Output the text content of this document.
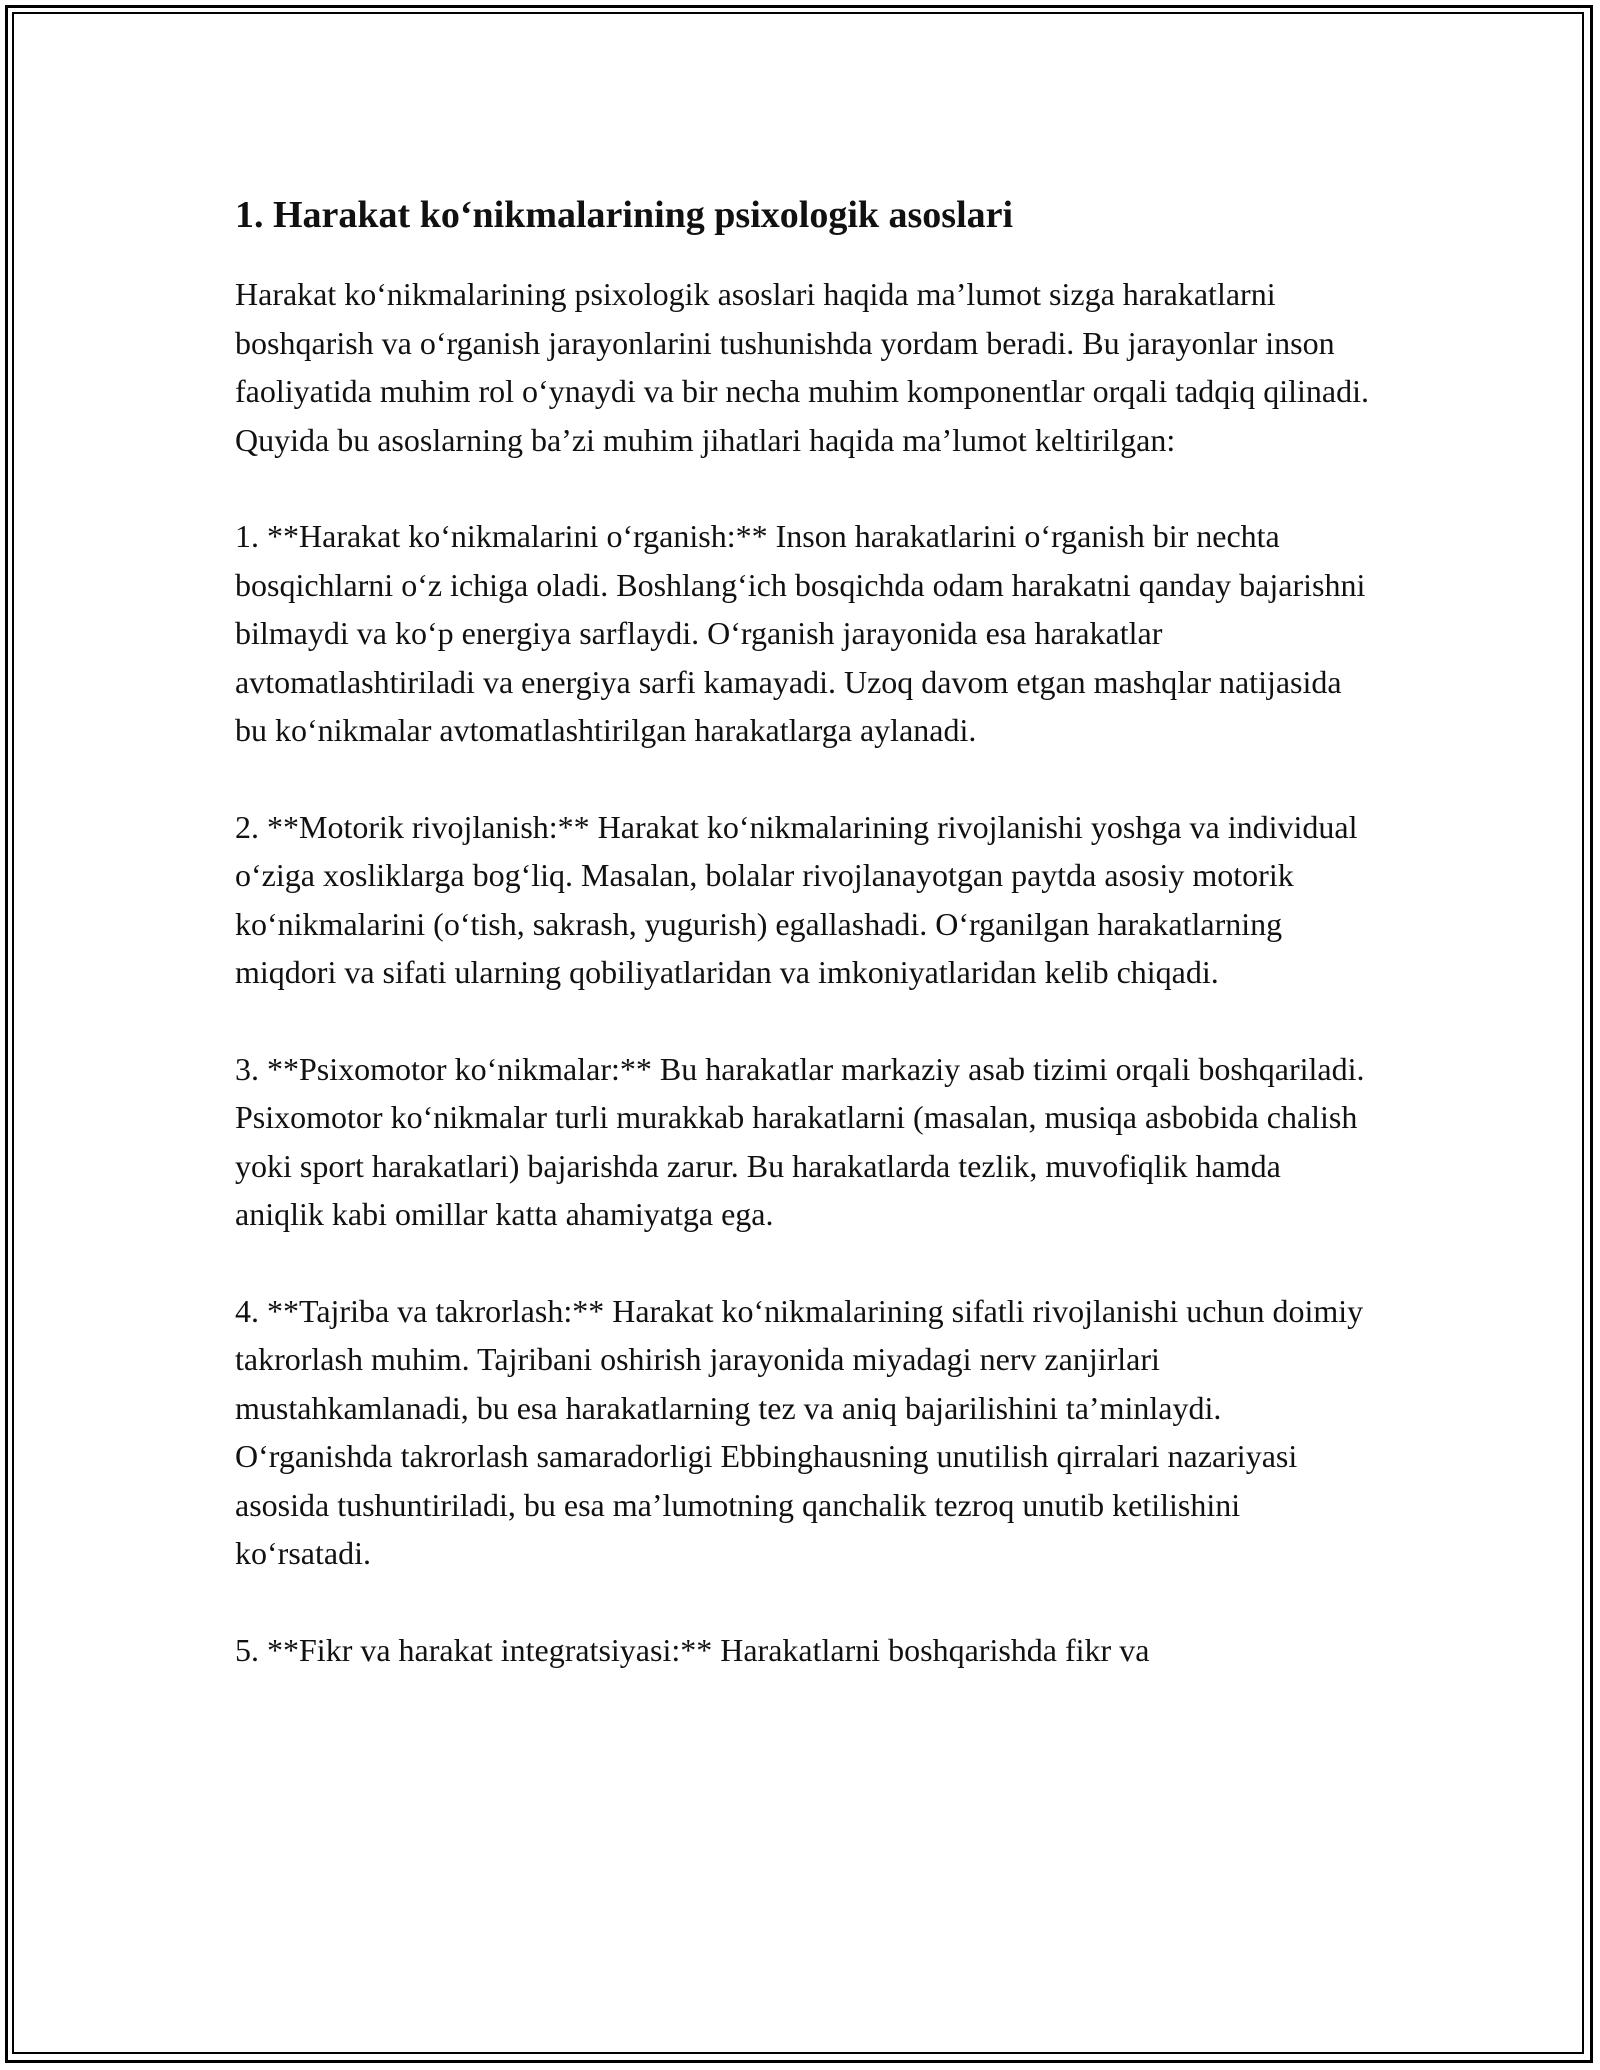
1. Harakat ko‘nikmalarining psixologik asoslari

Harakat ko‘nikmalarining psixologik asoslari haqida ma’lumot sizga harakatlarni boshqarish va o‘rganish jarayonlarini tushunishda yordam beradi. Bu jarayonlar inson faoliyatida muhim rol o‘ynaydi va bir necha muhim komponentlar orqali tadqiq qilinadi. Quyida bu asoslarning ba’zi muhim jihatlari haqida ma’lumot keltirilgan:

1. **Harakat ko‘nikmalarini o‘rganish:** Inson harakatlarini o‘rganish bir nechta bosqichlarni o‘z ichiga oladi. Boshlang‘ich bosqichda odam harakatni qanday bajarishni bilmaydi va ko‘p energiya sarflaydi. O‘rganish jarayonida esa harakatlar avtomatlashtiriladi va energiya sarfi kamayadi. Uzoq davom etgan mashqlar natijasida bu ko‘nikmalar avtomatlashtirilgan harakatlarga aylanadi.

2. **Motorik rivojlanish:** Harakat ko‘nikmalarining rivojlanishi yoshga va individual o‘ziga xosliklarga bog‘liq. Masalan, bolalar rivojlanayotgan paytda asosiy motorik ko‘nikmalarini (o‘tish, sakrash, yugurish) egallashadi. O‘rganilgan harakatlarning miqdori va sifati ularning qobiliyatlaridan va imkoniyatlaridan kelib chiqadi.

3. **Psixomotor ko‘nikmalar:** Bu harakatlar markaziy asab tizimi orqali boshqariladi. Psixomotor ko‘nikmalar turli murakkab harakatlarni (masalan, musiqa asbobida chalish yoki sport harakatlari) bajarishda zarur. Bu harakatlarda tezlik, muvofiqlik hamda aniqlik kabi omillar katta ahamiyatga ega.

4. **Tajriba va takrorlash:** Harakat ko‘nikmalarining sifatli rivojlanishi uchun doimiy takrorlash muhim. Tajribani oshirish jarayonida miyadagi nerv zanjirlari mustahkamlanadi, bu esa harakatlarning tez va aniq bajarilishini ta’minlaydi. O‘rganishda takrorlash samaradorligi Ebbinghausning unutilish qirralari nazariyasi asosida tushuntiriladi, bu esa ma’lumotning qanchalik tezroq unutib ketilishini ko‘rsatadi.

5. **Fikr va harakat integratsiyasi:** Harakatlarni boshqarishda fikr va
